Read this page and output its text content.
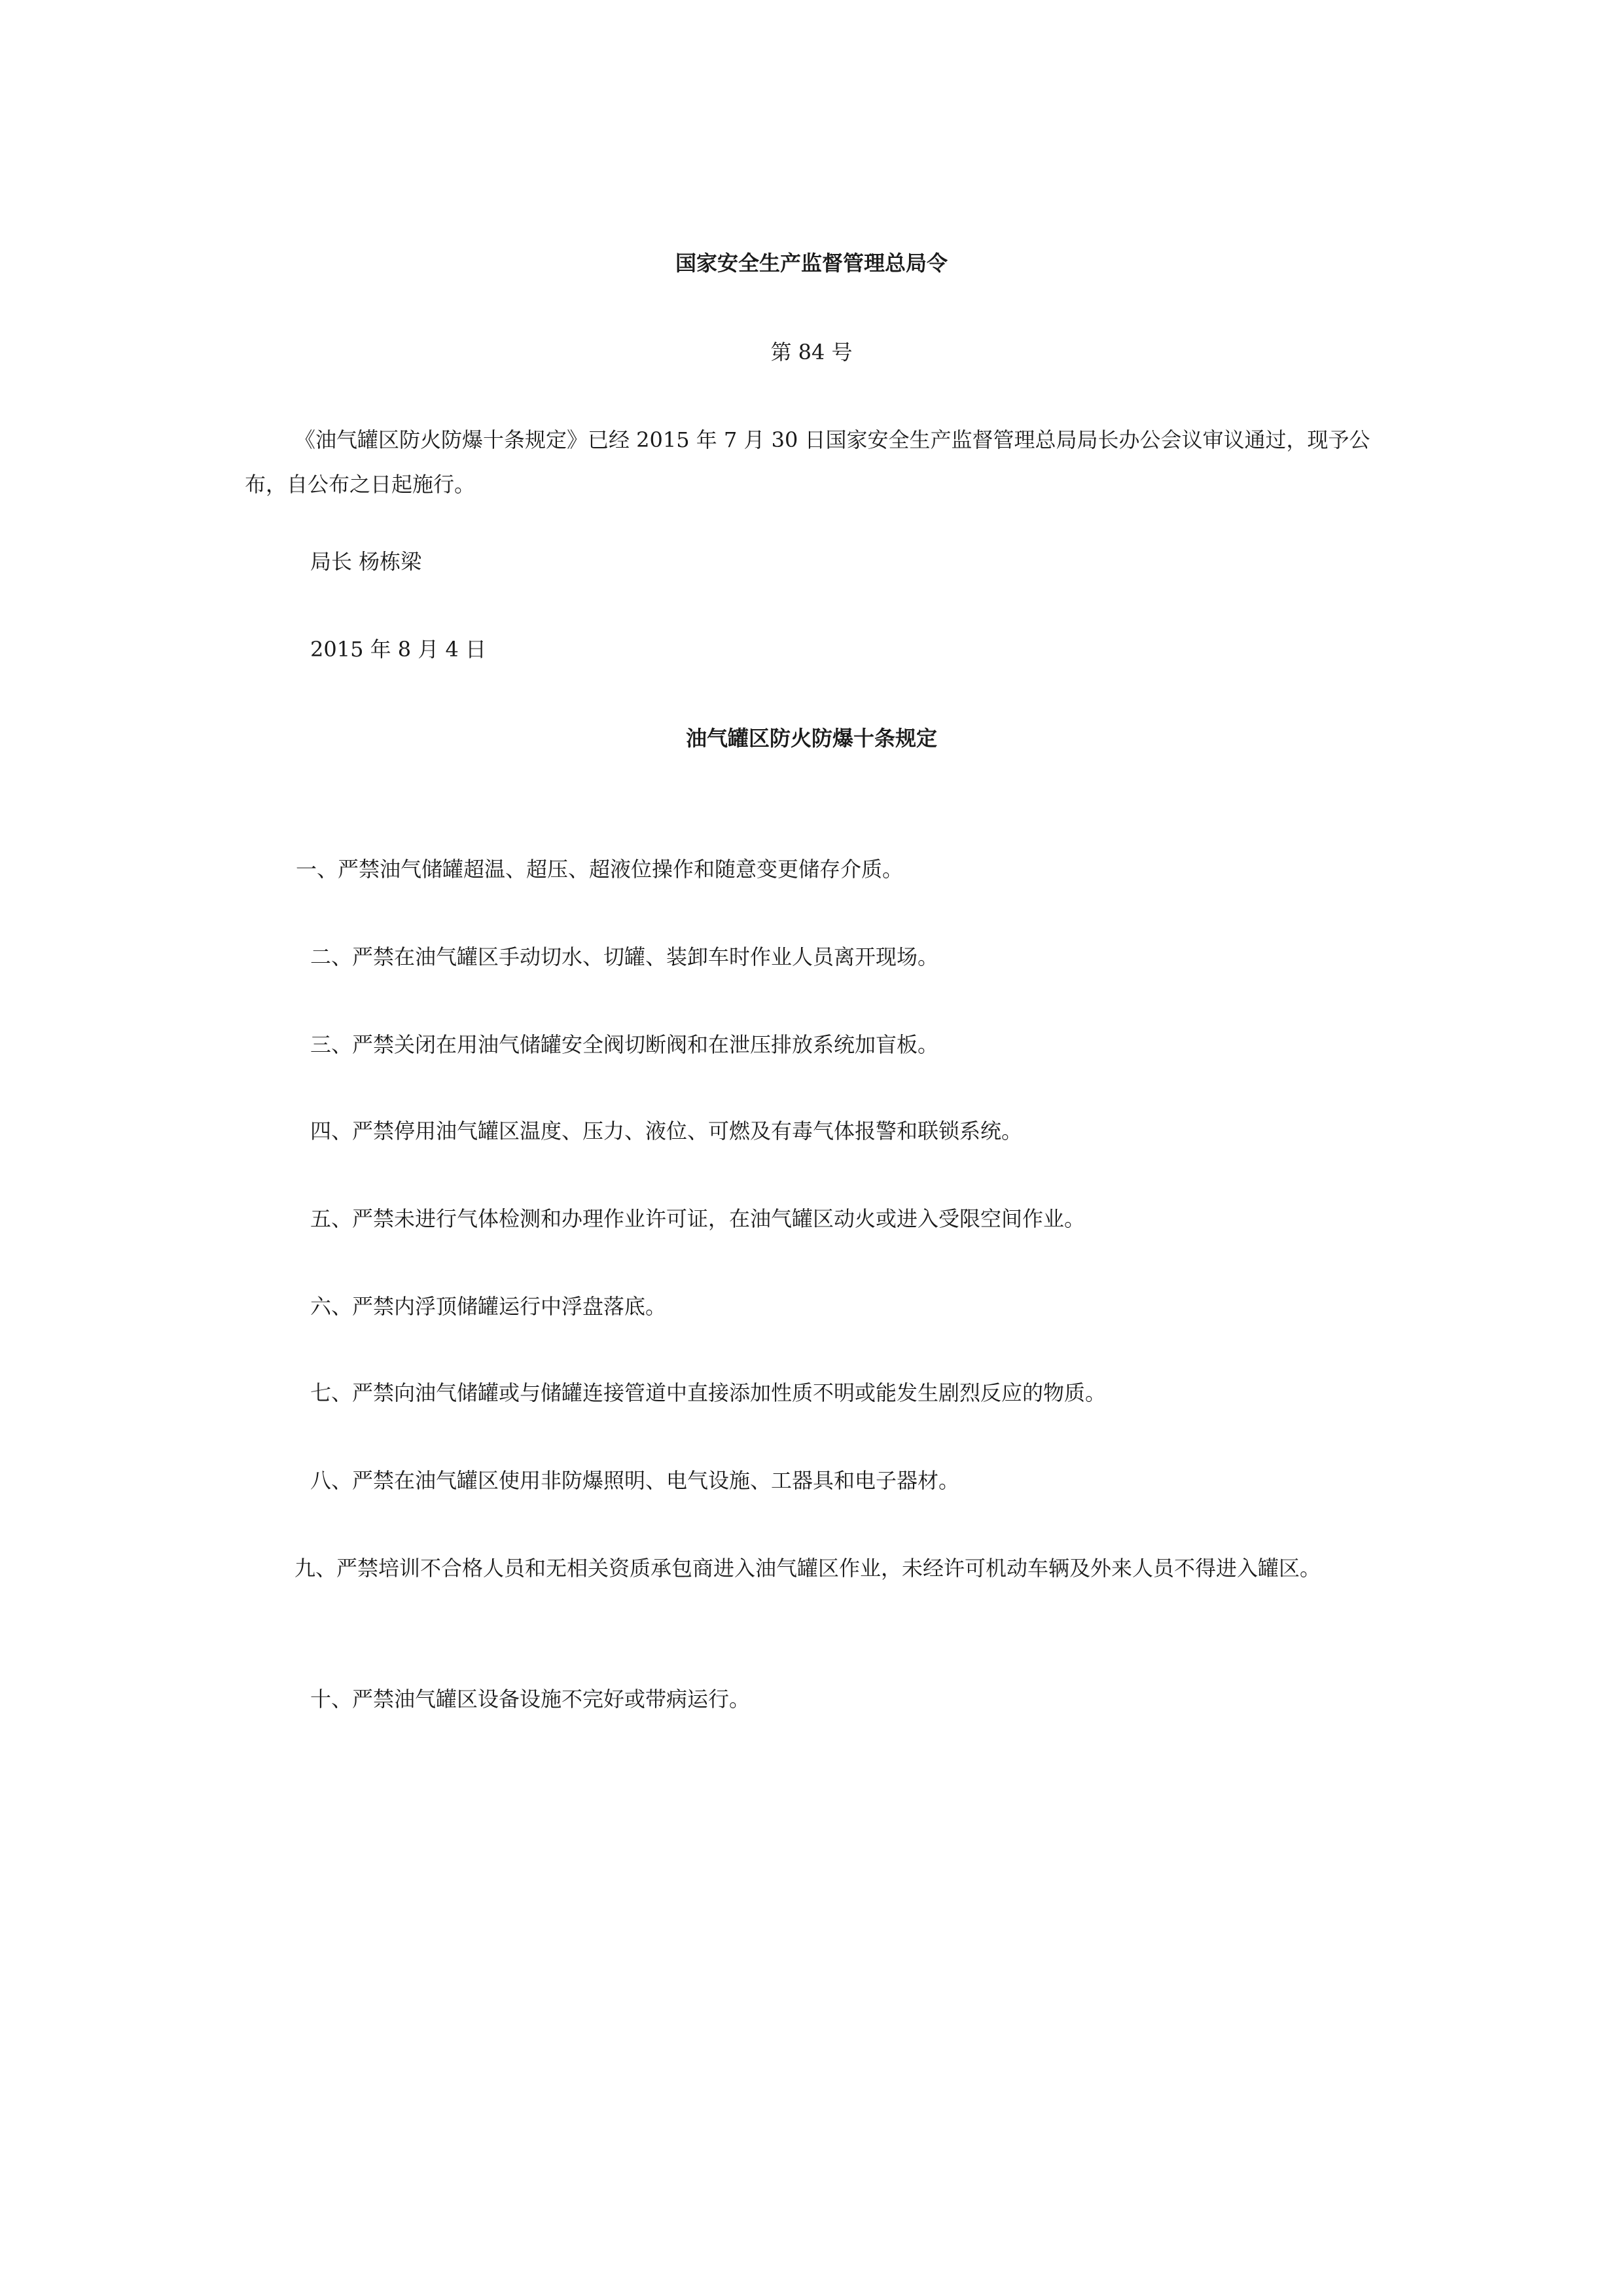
国家安全生产监督管理总局令
第 84 号
《油气罐区防火防爆十条规定》已经 2015 年 7 月 30 日国家安全生产监督管理总局局长办公会议审议通过，现予公布，自公布之日起施行。
局长 杨栋梁
2015 年 8 月 4 日
油气罐区防火防爆十条规定
一、严禁油气储罐超温、超压、超液位操作和随意变更储存介质。
二、严禁在油气罐区手动切水、切罐、装卸车时作业人员离开现场。
三、严禁关闭在用油气储罐安全阀切断阀和在泄压排放系统加盲板。
四、严禁停用油气罐区温度、压力、液位、可燃及有毒气体报警和联锁系统。
五、严禁未进行气体检测和办理作业许可证，在油气罐区动火或进入受限空间作业。
六、严禁内浮顶储罐运行中浮盘落底。
七、严禁向油气储罐或与储罐连接管道中直接添加性质不明或能发生剧烈反应的物质。
八、严禁在油气罐区使用非防爆照明、电气设施、工器具和电子器材。
九、严禁培训不合格人员和无相关资质承包商进入油气罐区作业，未经许可机动车辆及外来人员不得进入罐区。
十、严禁油气罐区设备设施不完好或带病运行。
